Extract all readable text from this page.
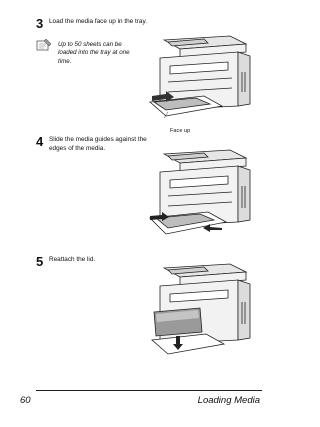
3 Load the media face up in the tray.
Up to 50 sheets can be loaded into the tray at one time.
4 Slide the media guides against the edges of the media.
5 Reattach the lid.
Face up
60	Loading Media
